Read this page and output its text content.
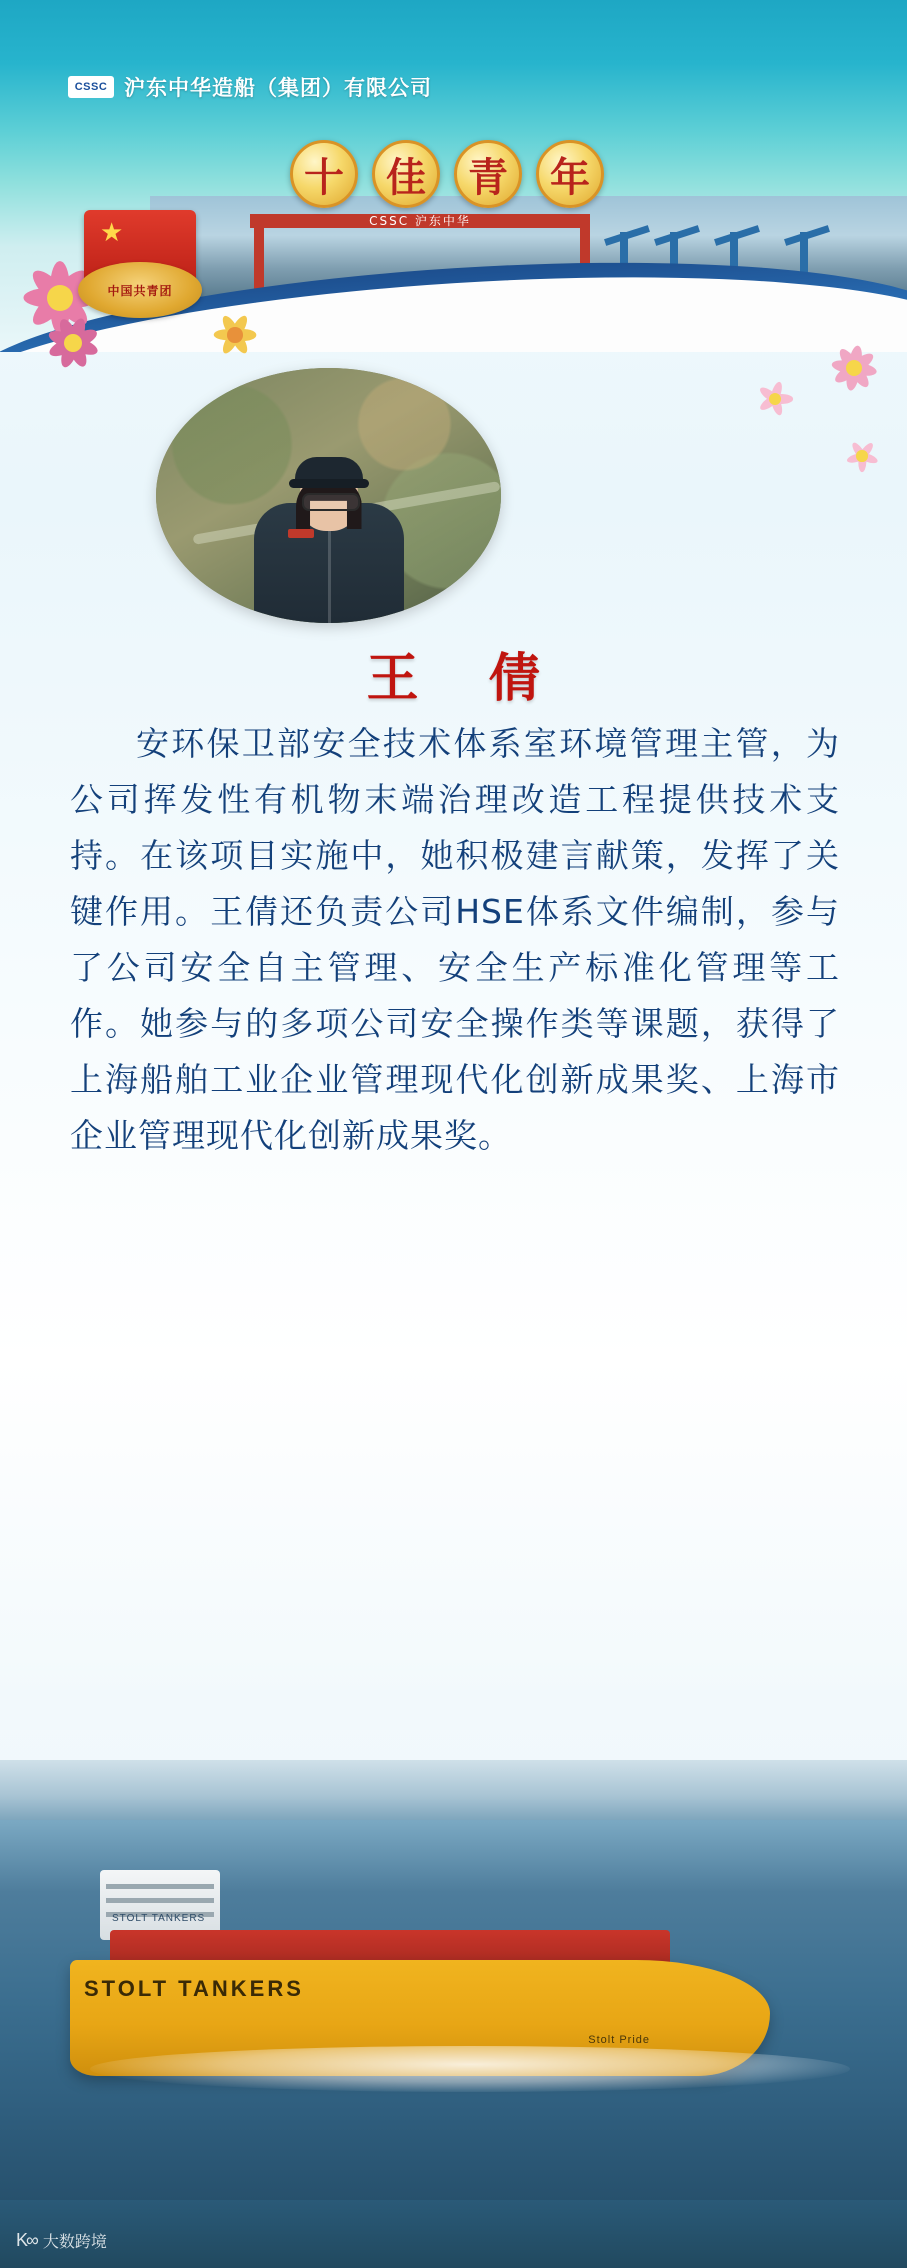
CSSC 沪东中华
CSSC 沪东中华造船（集团）有限公司
十	佳	青	年
★
中国共青团
王 倩
安环保卫部安全技术体系室环境管理主管，为公司挥发性有机物末端治理改造工程提供技术支持。在该项目实施中，她积极建言献策，发挥了关键作用。王倩还负责公司HSE体系文件编制，参与了公司安全自主管理、安全生产标准化管理等工作。她参与的多项公司安全操作类等课题，获得了上海船舶工业企业管理现代化创新成果奖、上海市企业管理现代化创新成果奖。
STOLT TANKERS
STOLT TANKERS
Stolt Pride
K∞ 大数跨境
